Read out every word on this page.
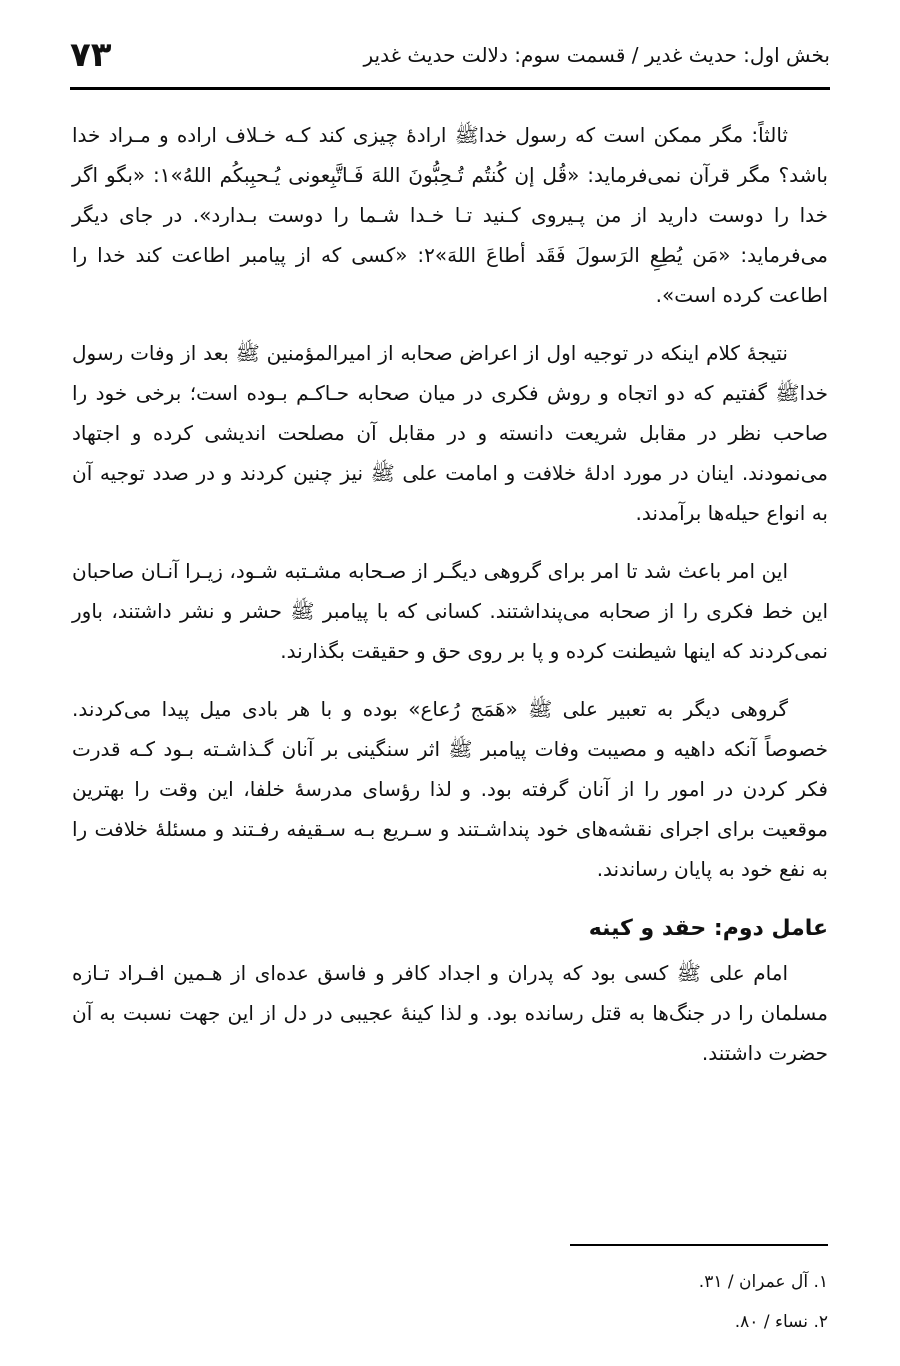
بخش اول: حدیث غدیر / قسمت سوم: دلالت حدیث غدیر
۷۳

ثالثاً: مگر ممکن است که رسول خداﷺ ارادهٔ چیزی کند کـه خـلاف اراده و مـراد خدا باشد؟ مگر قرآن نمی‌فرماید: «قُل إن کُنتُم تُـحِبُّونَ اللهَ فَـاتَّبِعونی یُـحبِبکُم اللهُ»۱: «بگو اگر خدا را دوست دارید از من پـیروی کـنید تـا خـدا شـما را دوست بـدارد». در جای دیگر می‌فرماید: «مَن یُطِعِ الرَسولَ فَقَد أطاعَ اللهَ»۲: «کسی که از پیامبر اطاعت کند خدا را اطاعت کرده است».

نتیجهٔ کلام اینکه در توجیه اول از اعراض صحابه از امیرالمؤمنین ﷺ بعد از وفات رسول خداﷺ گفتیم که دو اتجاه و روش فکری در میان صحابه حـاکـم بـوده است؛ برخی خود را صاحب نظر در مقابل شریعت دانسته و در مقابل آن مصلحت اندیشی کرده و اجتهاد می‌نمودند. اینان در مورد ادلهٔ خلافت و امامت علی ﷺ نیز چنین کردند و در صدد توجیه آن به انواع حیله‌ها برآمدند.

این امر باعث شد تا امر برای گروهی دیگـر از صـحابه مشـتبه شـود، زیـرا آنـان صاحبان این خط فکری را از صحابه می‌پنداشتند. کسانی که با پیامبر ﷺ حشر و نشر داشتند، باور نمی‌کردند که اینها شیطنت کرده و پا بر روی حق و حقیقت بگذارند.

گروهی دیگر به تعبیر علی ﷺ «هَمَج رُعاع» بوده و با هر بادی میل پیدا می‌کردند. خصوصاً آنکه داهیه و مصیبت وفات پیامبر ﷺ اثر سنگینی بر آنان گـذاشـته بـود کـه قدرت فکر کردن در امور را از آنان گرفته بود. و لذا رؤسای مدرسهٔ خلفا، این وقت را بهترین موقعیت برای اجرای نقشه‌های خود پنداشـتند و سـریع بـه سـقیفه رفـتند و مسئلهٔ خلافت را به نفع خود به پایان رساندند.

عامل دوم: حقد و کینه

امام علی ﷺ کسی بود که پدران و اجداد کافر و فاسق عده‌ای از هـمین افـراد تـازه مسلمان را در جنگ‌ها به قتل رسانده بود. و لذا کینهٔ عجیبی در دل از این جهت نسبت به آن حضرت داشتند.

۱. آل عمران / ۳۱.

۲. نساء / ۸۰.
